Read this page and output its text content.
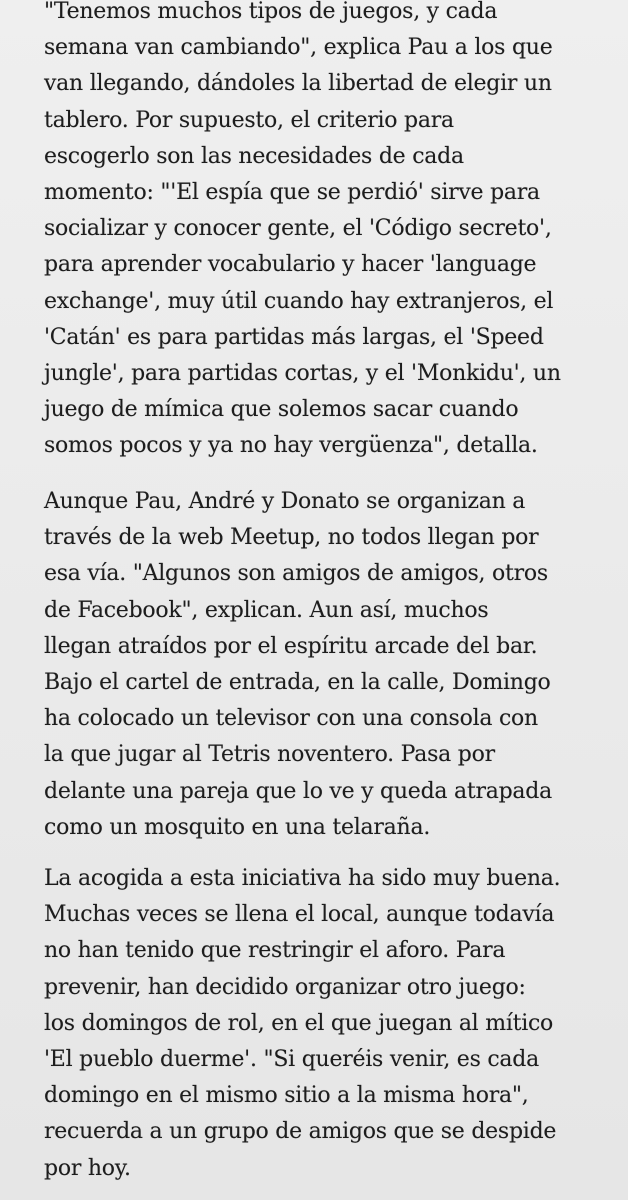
"Tenemos muchos tipos de juegos, y cada
semana van cambiando", explica Pau a los que
van llegando, dándoles la libertad de elegir un
tablero. Por supuesto, el criterio para
escogerlo son las necesidades de cada
momento: "'El espía que se perdió' sirve para
socializar y conocer gente, el 'Código secreto',
para aprender vocabulario y hacer 'language
exchange', muy útil cuando hay extranjeros, el
'Catán' es para partidas más largas, el 'Speed
jungle', para partidas cortas, y el 'Monkidu', un
juego de mímica que solemos sacar cuando
somos pocos y ya no hay vergüenza", detalla.

Aunque Pau, André y Donato se organizan a
través de la web Meetup, no todos llegan por
esa vía. "Algunos son amigos de amigos, otros
de Facebook", explican. Aun así, muchos
llegan atraídos por el espíritu arcade del bar.
Bajo el cartel de entrada, en la calle, Domingo
ha colocado un televisor con una consola con
la que jugar al Tetris noventero. Pasa por
delante una pareja que lo ve y queda atrapada
como un mosquito en una telaraña.

La acogida a esta iniciativa ha sido muy buena.
Muchas veces se llena el local, aunque todavía
no han tenido que restringir el aforo. Para
prevenir, han decidido organizar otro juego:
los domingos de rol, en el que juegan al mítico
'El pueblo duerme'. "Si queréis venir, es cada
domingo en el mismo sitio a la misma hora",
recuerda a un grupo de amigos que se despide
por hoy.
